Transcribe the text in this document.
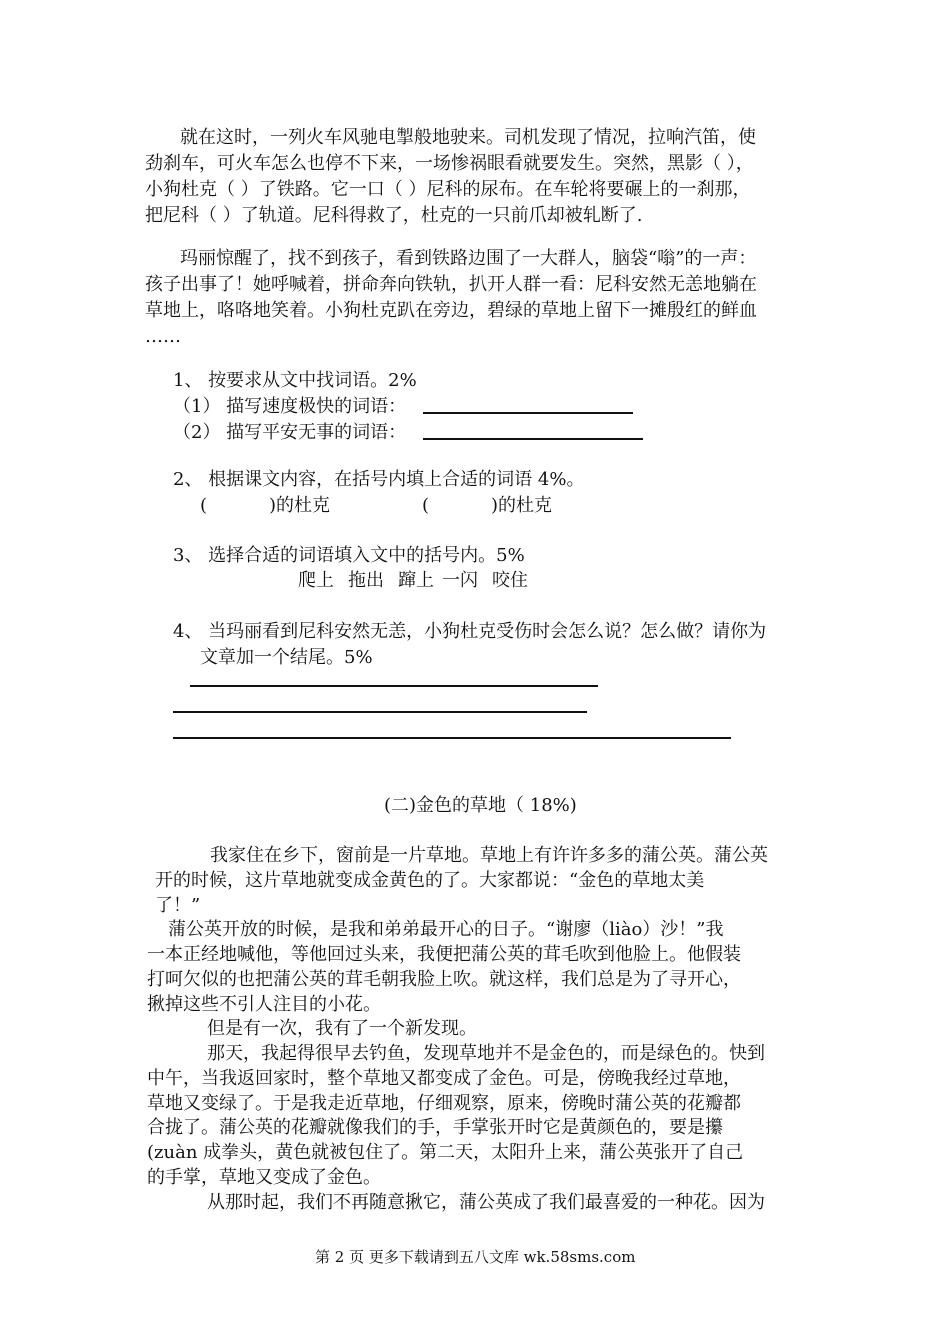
就在这时，一列火车风驰电掣般地驶来。司机发现了情况，拉响汽笛，使
劲刹车，可火车怎么也停不下来，一场惨祸眼看就要发生。突然，黑影（ ），
小狗杜克（ ）了铁路。它一口（ ）尼科的尿布。在车轮将要碾上的一刹那，
把尼科（ ）了轨道。尼科得救了，杜克的一只前爪却被轧断了.
玛丽惊醒了，找不到孩子，看到铁路边围了一大群人，脑袋“嗡”的一声：
孩子出事了！她呼喊着，拼命奔向铁轨，扒开人群一看：尼科安然无恙地躺在
草地上，咯咯地笑着。小狗杜克趴在旁边，碧绿的草地上留下一摊殷红的鲜血
……
1、 按要求从文中找词语。2%
（1） 描写速度极快的词语：
（2） 描写平安无事的词语：
2、 根据课文内容，在括号内填上合适的词语 4%。
(	)的杜克	(	)的杜克
3、 选择合适的词语填入文中的括号内。5%
爬上 拖出 蹿上 一闪 咬住
4、 当玛丽看到尼科安然无恙，小狗杜克受伤时会怎么说？怎么做？请你为
文章加一个结尾。5%
(二)金色的草地（ 18%)
我家住在乡下，窗前是一片草地。草地上有许许多多的蒲公英。蒲公英
开的时候，这片草地就变成金黄色的了。大家都说：“金色的草地太美
了！”
蒲公英开放的时候，是我和弟弟最开心的日子。“谢廖（liào）沙！”我
一本正经地喊他，等他回过头来，我便把蒲公英的茸毛吹到他脸上。他假装
打呵欠似的也把蒲公英的茸毛朝我脸上吹。就这样，我们总是为了寻开心，
揪掉这些不引人注目的小花。
但是有一次，我有了一个新发现。
那天，我起得很早去钓鱼，发现草地并不是金色的，而是绿色的。快到
中午，当我返回家时，整个草地又都变成了金色。可是，傍晚我经过草地，
草地又变绿了。于是我走近草地，仔细观察，原来，傍晚时蒲公英的花瓣都
合拢了。蒲公英的花瓣就像我们的手，手掌张开时它是黄颜色的，要是攥
(zuàn 成拳头，黄色就被包住了。第二天，太阳升上来，蒲公英张开了自己
的手掌，草地又变成了金色。
从那时起，我们不再随意揪它，蒲公英成了我们最喜爱的一种花。因为
第 2 页 更多下载请到五八文库 wk.58sms.com
